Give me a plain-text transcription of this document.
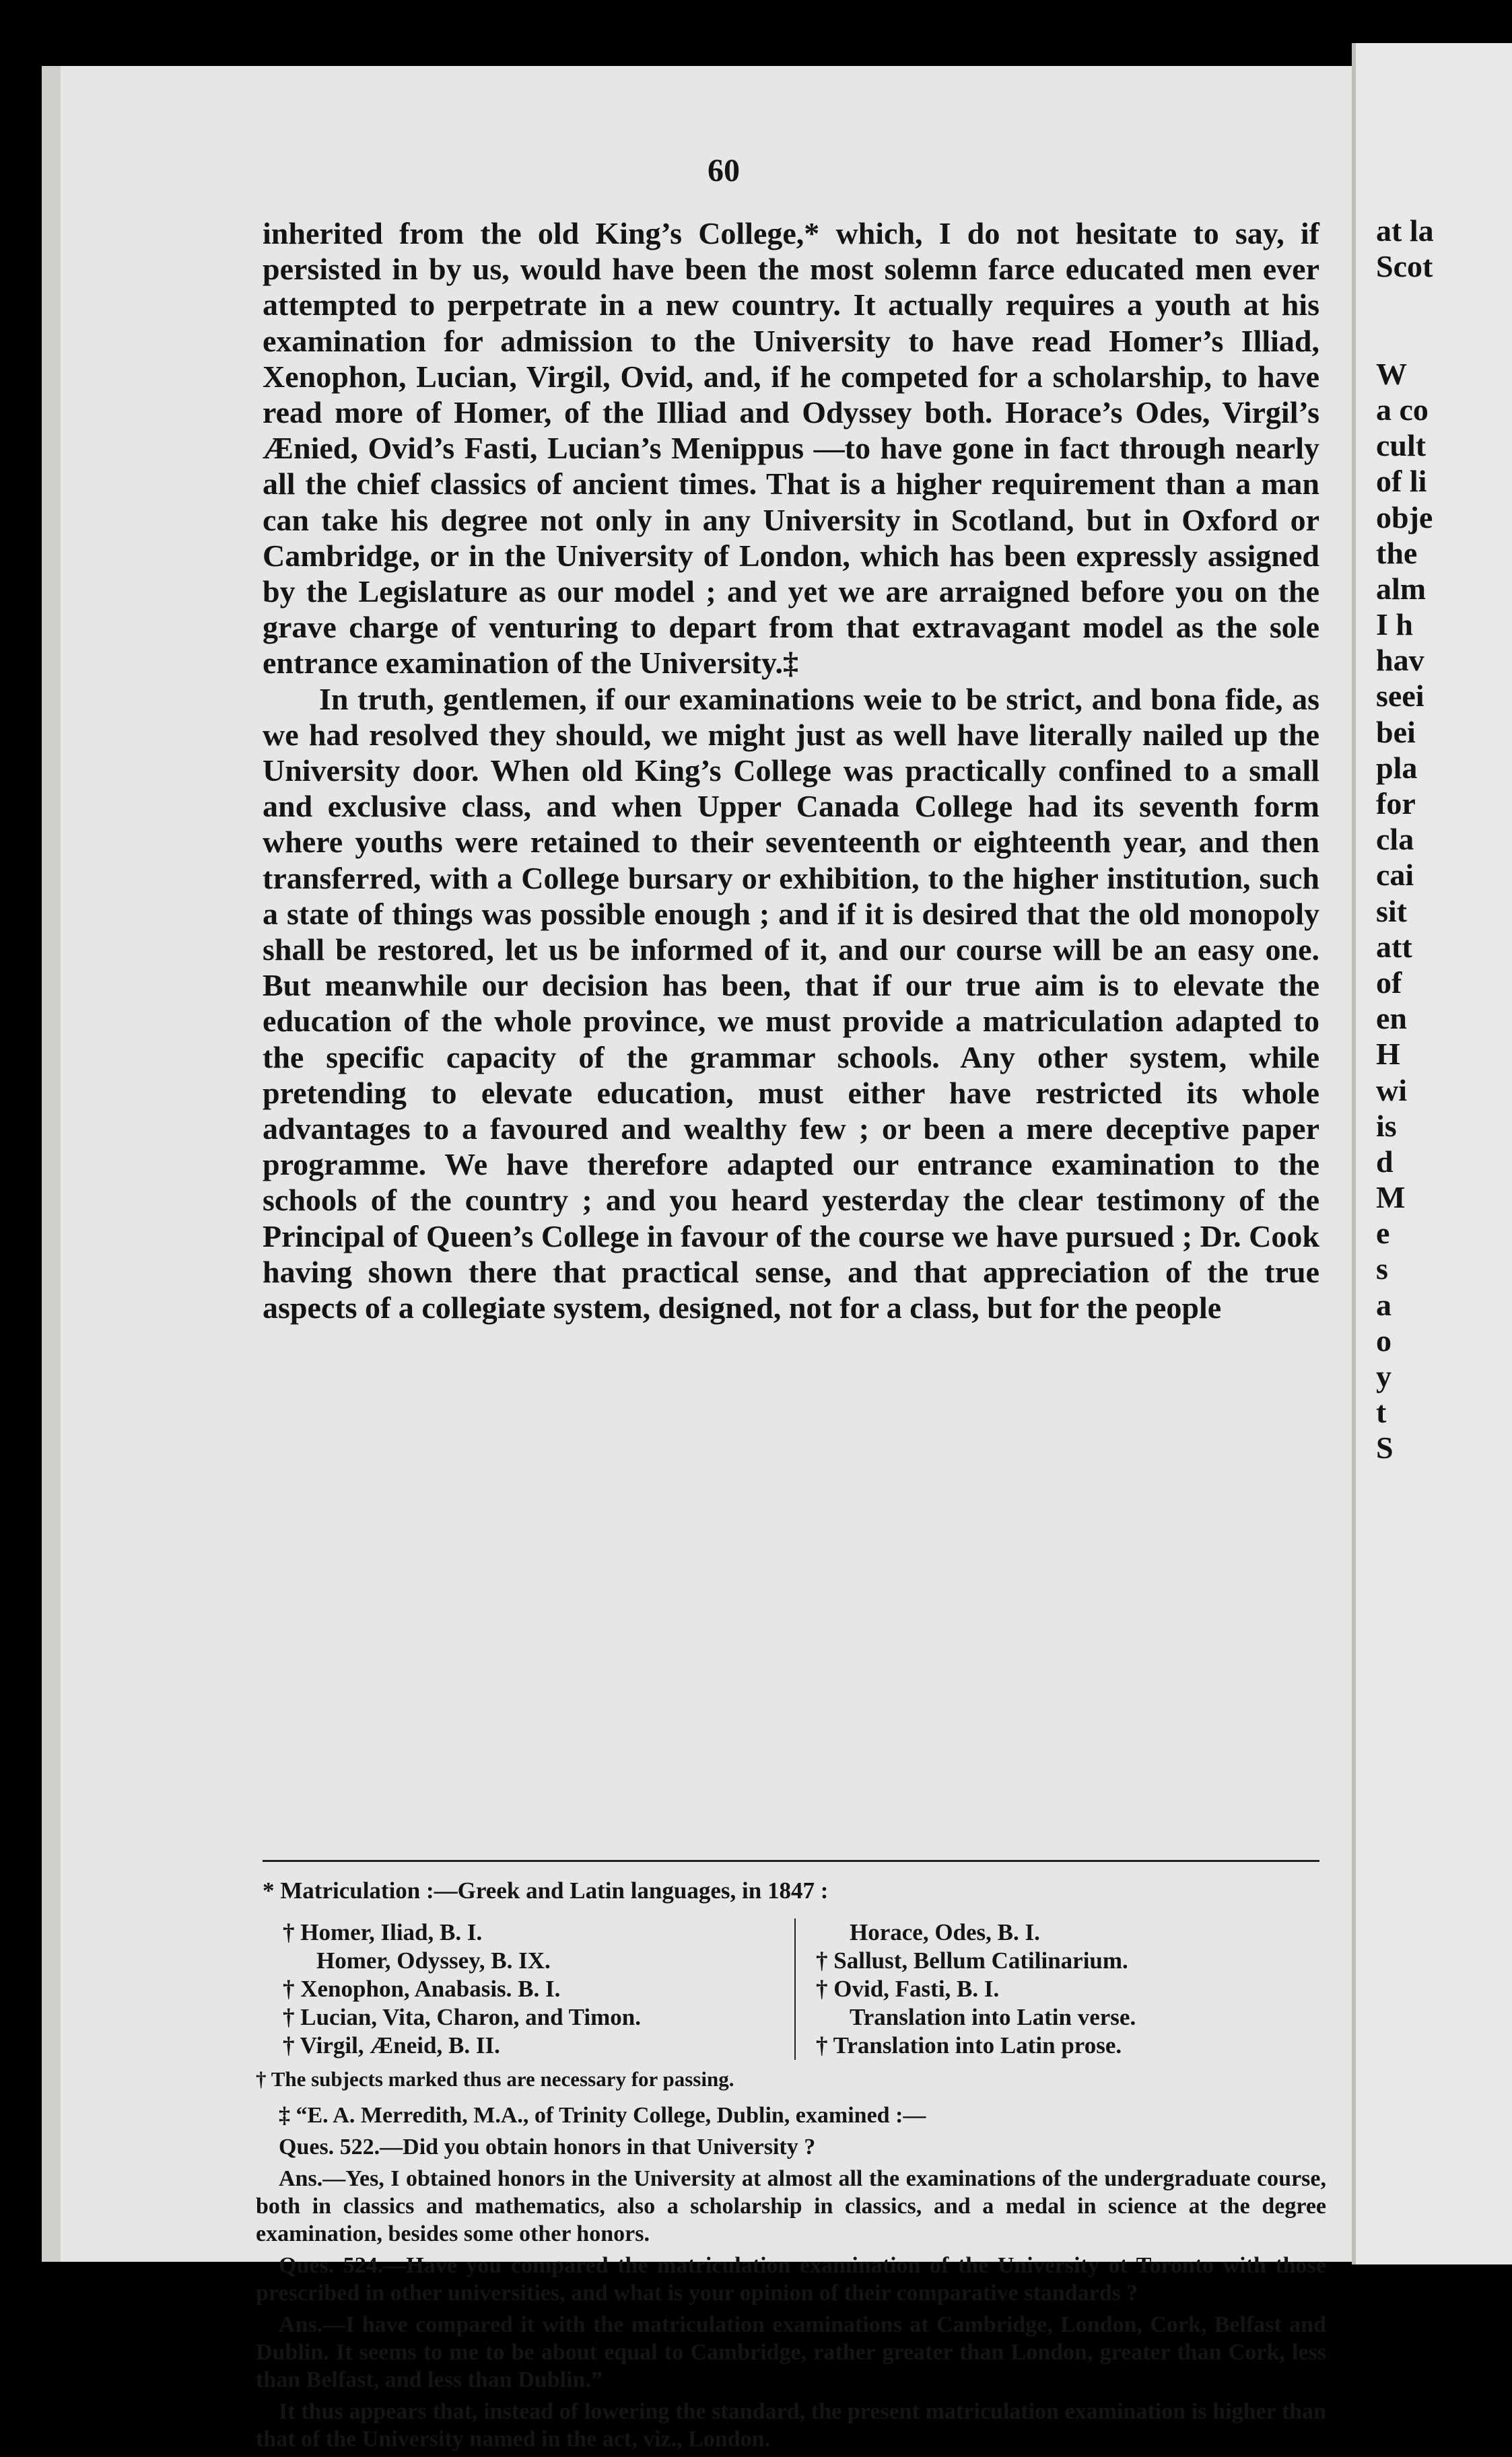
60

inherited from the old King’s College,* which, I do not hesitate to say, if persisted in by us, would have been the most solemn farce educated men ever attempted to perpetrate in a new country. It actually requires a youth at his examination for admission to the University to have read Homer’s Illiad, Xenophon, Lucian, Virgil, Ovid, and, if he competed for a scholarship, to have read more of Homer, of the Illiad and Odyssey both. Horace’s Odes, Virgil’s Ænied, Ovid’s Fasti, Lucian’s Menippus —to have gone in fact through nearly all the chief classics of ancient times. That is a higher requirement than a man can take his degree not only in any University in Scotland, but in Oxford or Cambridge, or in the University of London, which has been expressly assigned by the Legislature as our model ; and yet we are arraigned before you on the grave charge of venturing to depart from that extravagant model as the sole entrance examination of the University.‡

In truth, gentlemen, if our examinations weie to be strict, and bona fide, as we had resolved they should, we might just as well have literally nailed up the University door. When old King’s College was practically confined to a small and exclusive class, and when Upper Canada College had its seventh form where youths were retained to their seventeenth or eighteenth year, and then transferred, with a College bursary or exhibition, to the higher institution, such a state of things was possible enough ; and if it is desired that the old monopoly shall be restored, let us be informed of it, and our course will be an easy one. But meanwhile our decision has been, that if our true aim is to elevate the education of the whole province, we must provide a matriculation adapted to the specific capacity of the grammar schools. Any other system, while pretending to elevate education, must either have restricted its whole advantages to a favoured and wealthy few ; or been a mere deceptive paper programme. We have therefore adapted our entrance examination to the schools of the country ; and you heard yesterday the clear testimony of the Principal of Queen’s College in favour of the course we have pursued ; Dr. Cook having shown there that practical sense, and that appreciation of the true aspects of a collegiate system, designed, not for a class, but for the people

* Matriculation :—Greek and Latin languages, in 1847 :
† Homer, Iliad, B. I.
Homer, Odyssey, B. IX.
† Xenophon, Anabasis. B. I.
† Lucian, Vita, Charon, and Timon.
† Virgil, Æneid, B. II.
Horace, Odes, B. I.
† Sallust, Bellum Catilinarium.
† Ovid, Fasti, B. I.
Translation into Latin verse.
† Translation into Latin prose.
† The subjects marked thus are necessary for passing.

‡ “E. A. Merredith, M.A., of Trinity College, Dublin, examined :—

Ques. 522.—Did you obtain honors in that University ?

Ans.—Yes, I obtained honors in the University at almost all the examinations of the undergraduate course, both in classics and mathematics, also a scholarship in classics, and a medal in science at the degree examination, besides some other honors.

Ques. 524.—Have you compared the matriculation examination of the University ot Toronto with those prescribed in other universities, and what is your opinion of their comparative standards ?

Ans.—I have compared it with the matriculation examinations at Cambridge, London, Cork, Belfast and Dublin. It seems to me to be about equal to Cambridge, rather greater than London, greater than Cork, less than Belfast, and less than Dublin.”

It thus appears that, instead of lowering the standard, the present matriculation examination is higher than that of the University named in the act, viz., London.

at la
Scot
W
a co
cult
of li
obje
the
alm
I h
hav
seei
bei
pla
for
cla
cai
sit
att
of
en
H
wi
is
d
M
e
s
a
o
y
t
S
